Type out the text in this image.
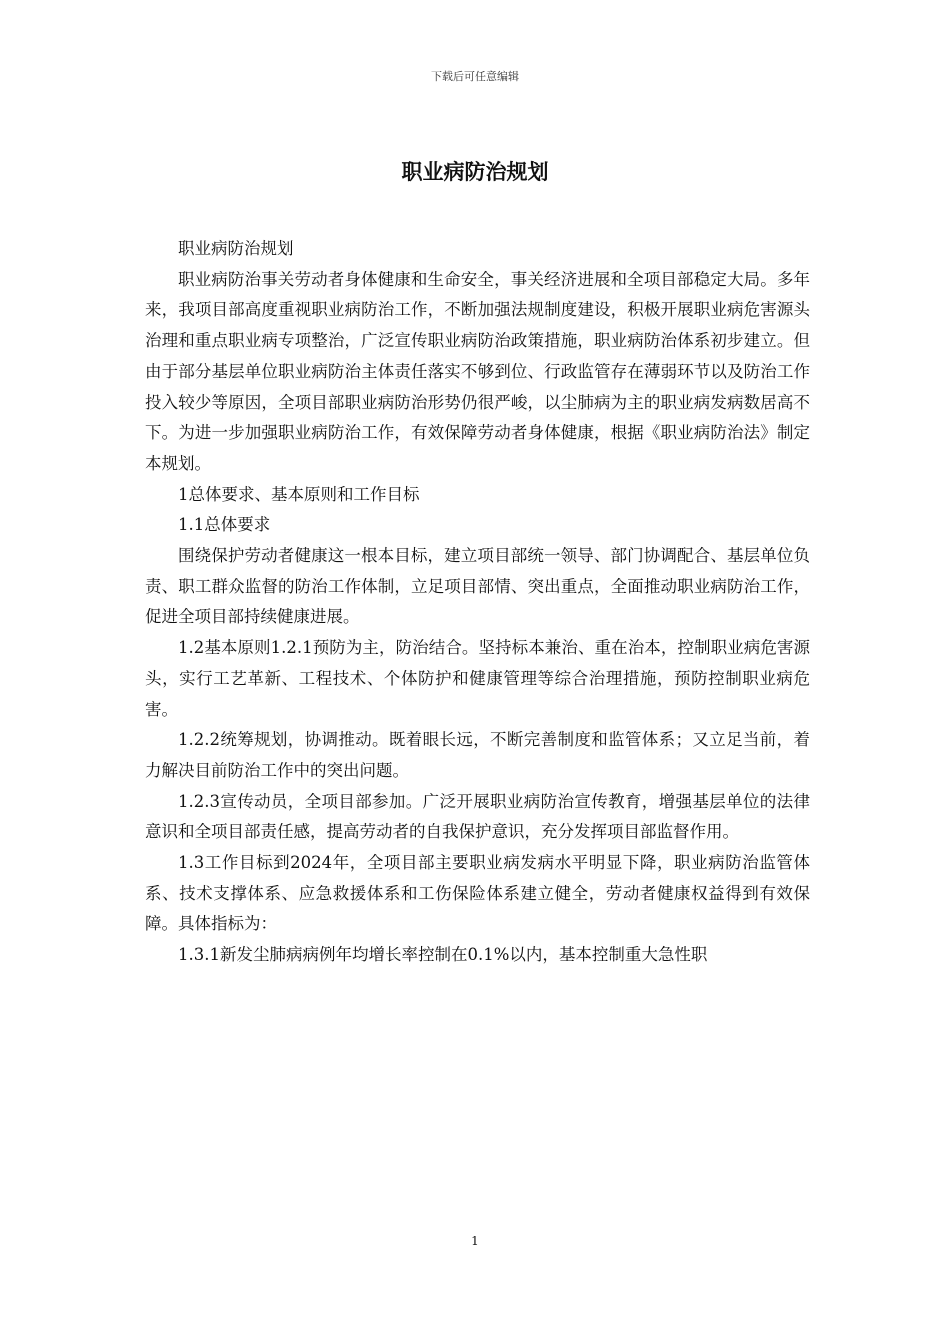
下载后可任意编辑
职业病防治规划

职业病防治规划

职业病防治事关劳动者身体健康和生命安全，事关经济进展和全项目部稳定大局。多年来，我项目部高度重视职业病防治工作，不断加强法规制度建设，积极开展职业病危害源头治理和重点职业病专项整治，广泛宣传职业病防治政策措施，职业病防治体系初步建立。但由于部分基层单位职业病防治主体责任落实不够到位、行政监管存在薄弱环节以及防治工作投入较少等原因，全项目部职业病防治形势仍很严峻，以尘肺病为主的职业病发病数居高不下。为进一步加强职业病防治工作，有效保障劳动者身体健康，根据《职业病防治法》制定本规划。

1总体要求、基本原则和工作目标

1.1总体要求

围绕保护劳动者健康这一根本目标，建立项目部统一领导、部门协调配合、基层单位负责、职工群众监督的防治工作体制，立足项目部情、突出重点，全面推动职业病防治工作，促进全项目部持续健康进展。

1.2基本原则1.2.1预防为主，防治结合。坚持标本兼治、重在治本，控制职业病危害源头，实行工艺革新、工程技术、个体防护和健康管理等综合治理措施，预防控制职业病危害。

1.2.2统筹规划，协调推动。既着眼长远，不断完善制度和监管体系；又立足当前，着力解决目前防治工作中的突出问题。

1.2.3宣传动员，全项目部参加。广泛开展职业病防治宣传教育，增强基层单位的法律意识和全项目部责任感，提高劳动者的自我保护意识，充分发挥项目部监督作用。

1.3工作目标到2024年，全项目部主要职业病发病水平明显下降，职业病防治监管体系、技术支撑体系、应急救援体系和工伤保险体系建立健全，劳动者健康权益得到有效保障。具体指标为：

1.3.1新发尘肺病病例年均增长率控制在0.1%以内，基本控制重大急性职

1
